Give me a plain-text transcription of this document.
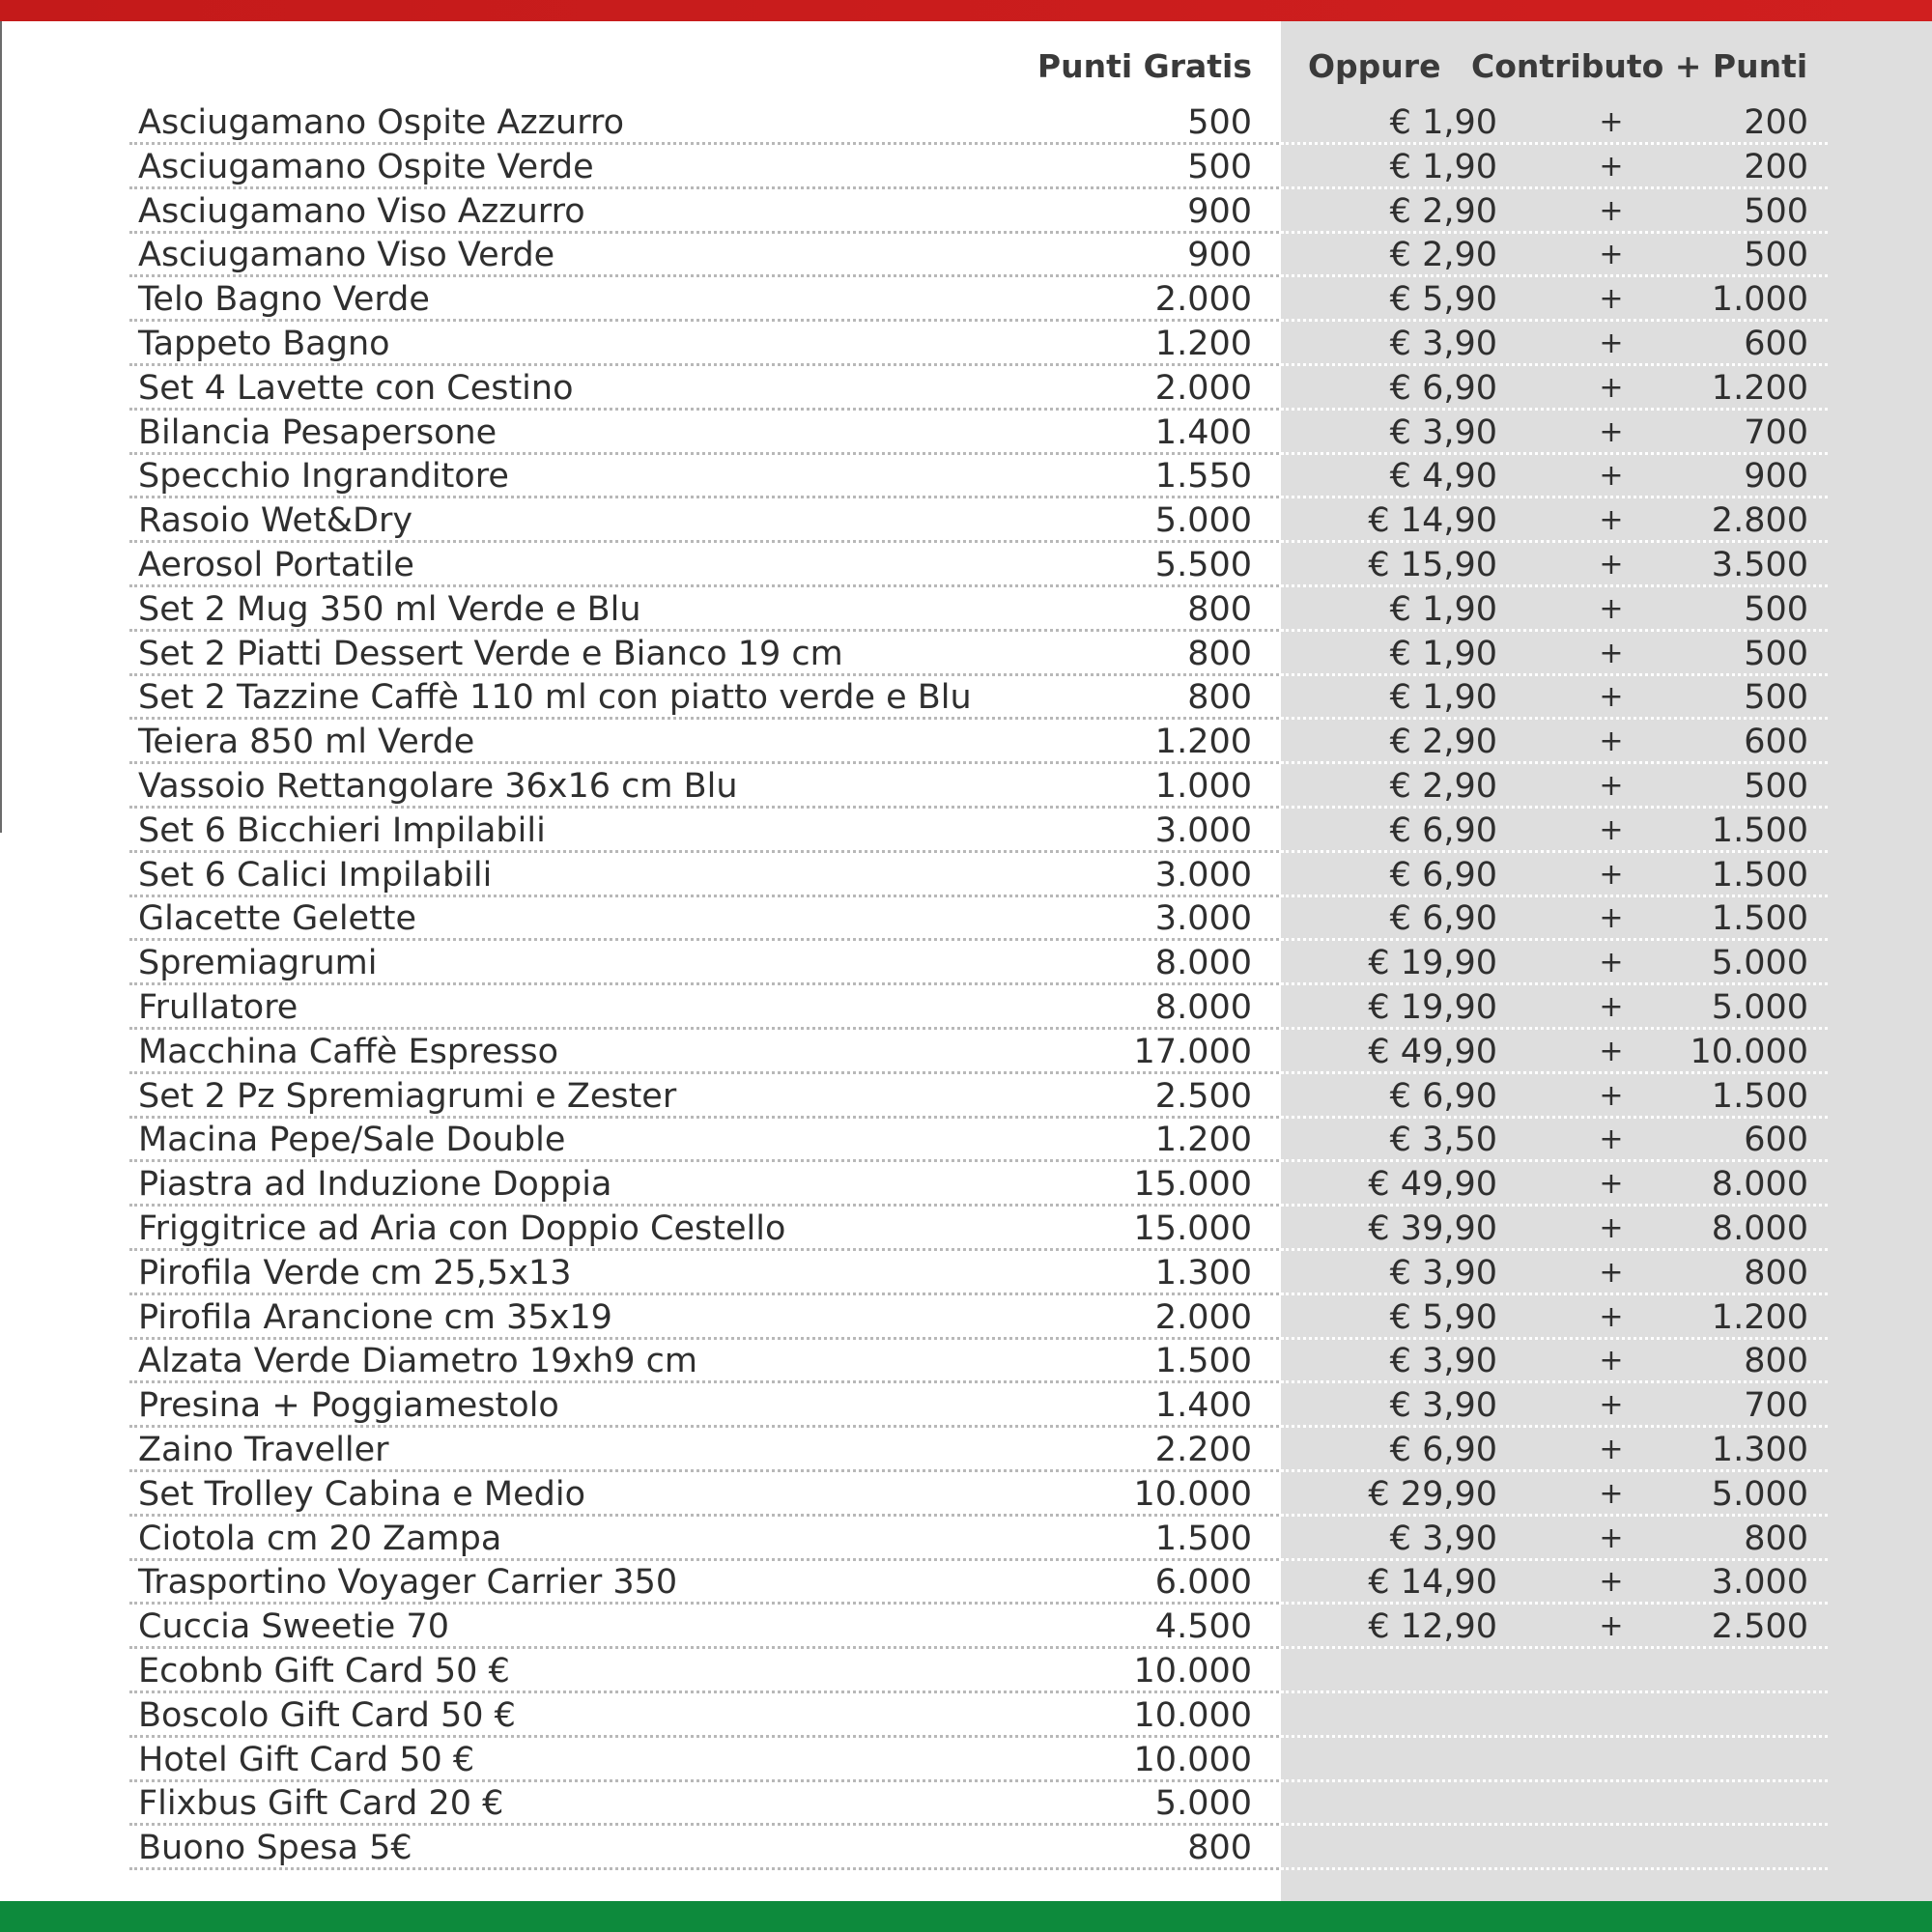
Punti Gratis Oppure Contributo + Punti
Asciugamano Ospite Azzurro	500	€ 1,90	+	200
Asciugamano Ospite Verde	500	€ 1,90	+	200
Asciugamano Viso Azzurro	900	€ 2,90	+	500
Asciugamano Viso Verde	900	€ 2,90	+	500
Telo Bagno Verde	2.000	€ 5,90	+	1.000
Tappeto Bagno	1.200	€ 3,90	+	600
Set 4 Lavette con Cestino	2.000	€ 6,90	+	1.200
Bilancia Pesapersone	1.400	€ 3,90	+	700
Specchio Ingranditore	1.550	€ 4,90	+	900
Rasoio Wet&Dry	5.000	€ 14,90	+	2.800
Aerosol Portatile	5.500	€ 15,90	+	3.500
Set 2 Mug 350 ml Verde e Blu	800	€ 1,90	+	500
Set 2 Piatti Dessert Verde e Bianco 19 cm	800	€ 1,90	+	500
Set 2 Tazzine Caffè 110 ml con piatto verde e Blu	800	€ 1,90	+	500
Teiera 850 ml Verde	1.200	€ 2,90	+	600
Vassoio Rettangolare 36x16 cm Blu	1.000	€ 2,90	+	500
Set 6 Bicchieri Impilabili	3.000	€ 6,90	+	1.500
Set 6 Calici Impilabili	3.000	€ 6,90	+	1.500
Glacette Gelette	3.000	€ 6,90	+	1.500
Spremiagrumi	8.000	€ 19,90	+	5.000
Frullatore	8.000	€ 19,90	+	5.000
Macchina Caffè Espresso	17.000	€ 49,90	+	10.000
Set 2 Pz Spremiagrumi e Zester	2.500	€ 6,90	+	1.500
Macina Pepe/Sale Double	1.200	€ 3,50	+	600
Piastra ad Induzione Doppia	15.000	€ 49,90	+	8.000
Friggitrice ad Aria con Doppio Cestello	15.000	€ 39,90	+	8.000
Pirofila Verde cm 25,5x13	1.300	€ 3,90	+	800
Pirofila Arancione cm 35x19	2.000	€ 5,90	+	1.200
Alzata Verde Diametro 19xh9 cm	1.500	€ 3,90	+	800
Presina + Poggiamestolo	1.400	€ 3,90	+	700
Zaino Traveller	2.200	€ 6,90	+	1.300
Set Trolley Cabina e Medio	10.000	€ 29,90	+	5.000
Ciotola cm 20 Zampa	1.500	€ 3,90	+	800
Trasportino Voyager Carrier 350	6.000	€ 14,90	+	3.000
Cuccia Sweetie 70	4.500	€ 12,90	+	2.500
Ecobnb Gift Card 50 €	10.000
Boscolo Gift Card 50 €	10.000
Hotel Gift Card 50 €	10.000
Flixbus Gift Card 20 €	5.000
Buono Spesa 5€	800
